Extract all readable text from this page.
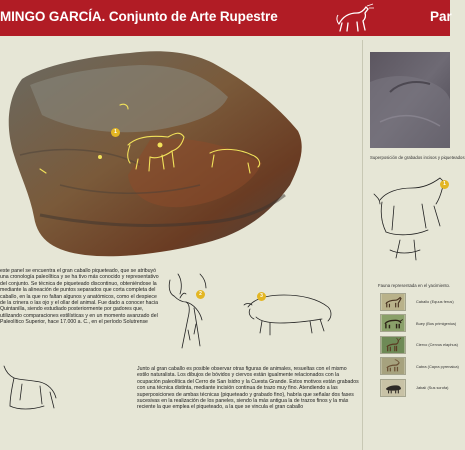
MINGO GARCÍA. Conjunto de Arte Rupestre	Par
1
este panel se encuentra el gran caballo piqueteado, que se atribuyó una cronología paleolítica y se ha tivo más conocido y representativo del conjunto. Se técnica de piqueteado discontinuo, obteniéndose la mediante la alineación de puntos separados que corta completa del caballo, en la que no faltan algunos y anatómicos, como el despiece de la crinera o las ojo y el ollar del animal. Fue dado a conocer hacia Quintanilla, siendo estudiado posteriormente por gadores que, utilizando comparaciones estilísticas y en un momento avanzado del Paleolítico Superior, hace 17.000 a. C., en el período Solutrense
Junto al gran caballo es posible observar otras figuras de animales, resueltas con el mismo estilo naturalista. Los dibujos de bóvidos y ciervos están igualmente relacionados con la ocupación paleolítica del Cerro de San Isidro y la Cuesta Grande. Estos motivos están grabados con una técnica distinta, mediante incisión continua de trazo muy fino. Atendiendo a las superposiciones de ambas técnicas (piqueteado y grabado fino), habría que señalar dos fases sucesivas en la realización de los paneles, siendo la más antigua la de trazos finos y la más reciente la que emplea el piqueteado, a la que se vincula el gran caballo
2	3
Superposición de grabados incisos y piqueteados
1
Fauna representada en el yacimiento.
Caballo (Equus ferus)
Buey (Bos primigenius)
Ciervo (Cervus elaphus)
Cabra (Capra pyrenaica)
Jabalí (Sus scrofa)
